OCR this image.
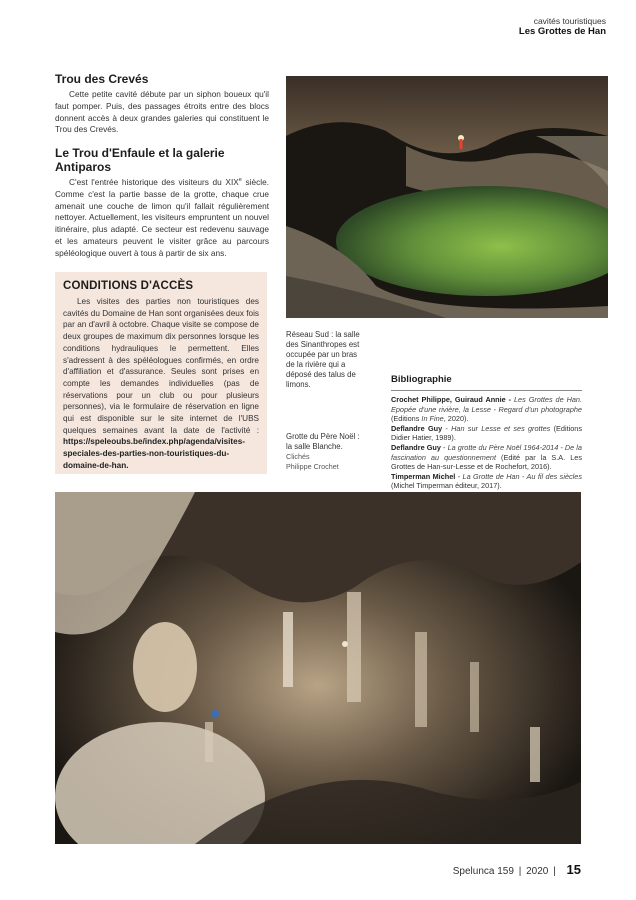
cavités touristiques
Les Grottes de Han
Trou des Crevés

Cette petite cavité débute par un siphon boueux qu'il faut pomper. Puis, des passages étroits entre des blocs donnent accès à deux grandes galeries qui constituent le Trou des Crevés.

Le Trou d'Enfaule et la galerie Antiparos

C'est l'entrée historique des visiteurs du XIXe siècle. Comme c'est la partie basse de la grotte, chaque crue amenait une couche de limon qu'il fallait régulièrement nettoyer. Actuellement, les visiteurs empruntent un nouvel itinéraire, plus adapté. Ce secteur est redevenu sauvage et les amateurs peuvent le visiter grâce au parcours spéléologique ouvert à tous à partir de six ans.

CONDITIONS D'ACCÈS

Les visites des parties non touristiques des cavités du Domaine de Han sont organisées deux fois par an d'avril à octobre. Chaque visite se compose de deux groupes de maximum dix personnes lorsque les conditions hydrauliques le permettent. Elles s'adressent à des spéléologues confirmés, en ordre d'affiliation et d'assurance. Seules sont prises en compte les demandes individuelles (pas de réservations pour un club ou pour plusieurs personnes), via le formulaire de réservation en ligne qui est disponible sur le site internet de l'UBS quelques semaines avant la date de l'activité : https://speleoubs.be/index.php/agenda/visites-speciales-des-parties-non-touristiques-du-domaine-de-han.

Réseau Sud : la salle des Sinanthropes est occupée par un bras de la rivière qui a déposé des talus de limons.
Grotte du Père Noël : la salle Blanche.
Clichés
Philippe Crochet
Bibliographie

Crochet Philippe, Guiraud Annie - Les Grottes de Han. Epopée d'une rivière, la Lesse - Regard d'un photographe (Editions In Fine, 2020).

Deflandre Guy - Han sur Lesse et ses grottes (Editions Didier Hatier, 1989).

Deflandre Guy - La grotte du Père Noël 1964-2014 - De la fascination au questionnement (Edité par la S.A. Les Grottes de Han-sur-Lesse et de Rochefort, 2016).

Timperman Michel - La Grotte de Han - Au fil des siècles (Michel Timperman éditeur, 2017).

Spelunca 159 | 2020 | 15
